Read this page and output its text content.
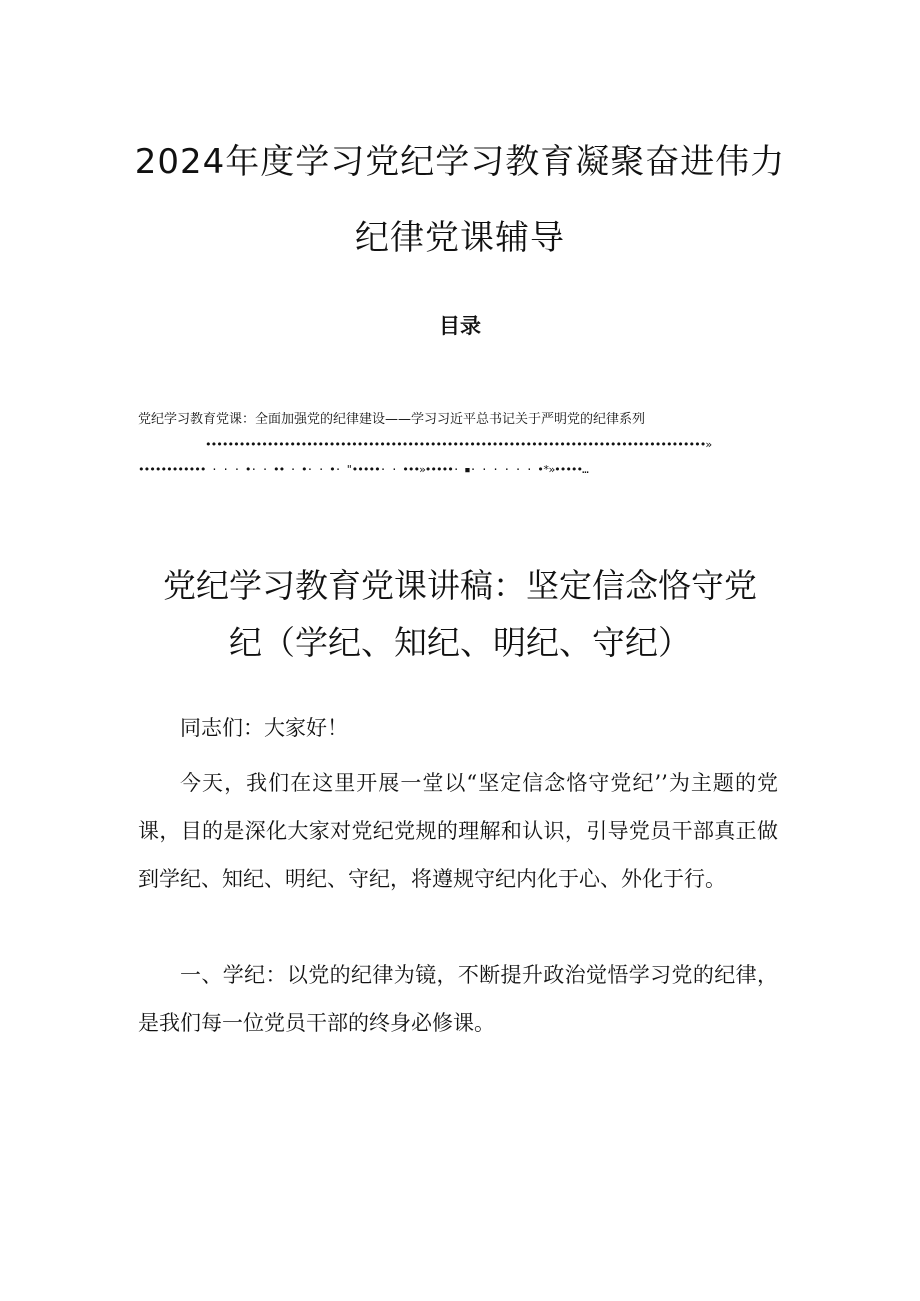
2024年度学习党纪学习教育凝聚奋进伟力
纪律党课辅导
目录
党纪学习教育党课：全面加强党的纪律建设——学习习近平总书记关于严明党的纪律系列
•••••••••••••••••••••••••••••••••••••••••••••••••••••••••••••••••••••••••••••••••••••••••»
•••••••••••• · · · •· · •• · •· · •· "•••••· · •••»•••••· ▪· · · · · · •*»•••••…
党纪学习教育党课讲稿：坚定信念恪守党
纪（学纪、知纪、明纪、守纪）
同志们：大家好！
今天，我们在这里开展一堂以“坚定信念恪守党纪’’为主题的党课，目的是深化大家对党纪党规的理解和认识，引导党员干部真正做到学纪、知纪、明纪、守纪，将遵规守纪内化于心、外化于行。
一、学纪：以党的纪律为镜，不断提升政治觉悟学习党的纪律，是我们每一位党员干部的终身必修课。
